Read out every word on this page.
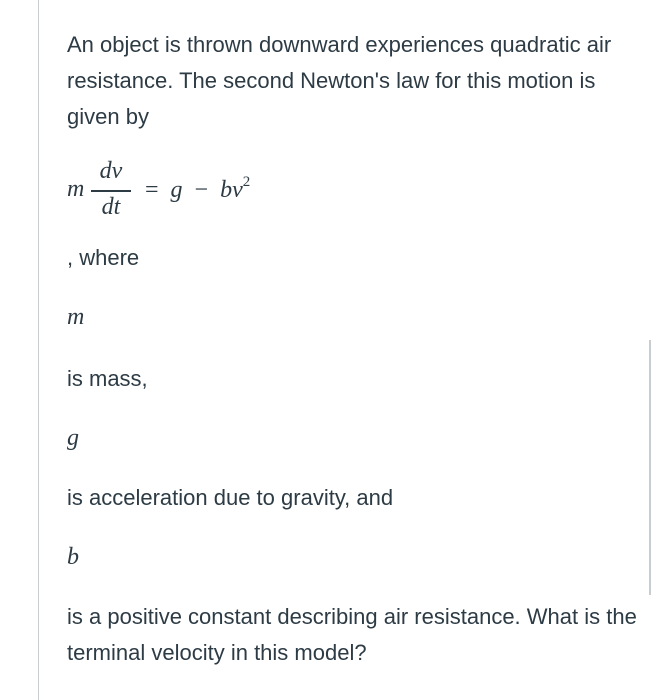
An object is thrown downward experiences quadratic air resistance. The second Newton's law for this motion is given by

m
dv
dt
= $g - bv^2$

, where

m

is mass,

g

is acceleration due to gravity, and

b

is a positive constant describing air resistance. What is the terminal velocity in this model?
